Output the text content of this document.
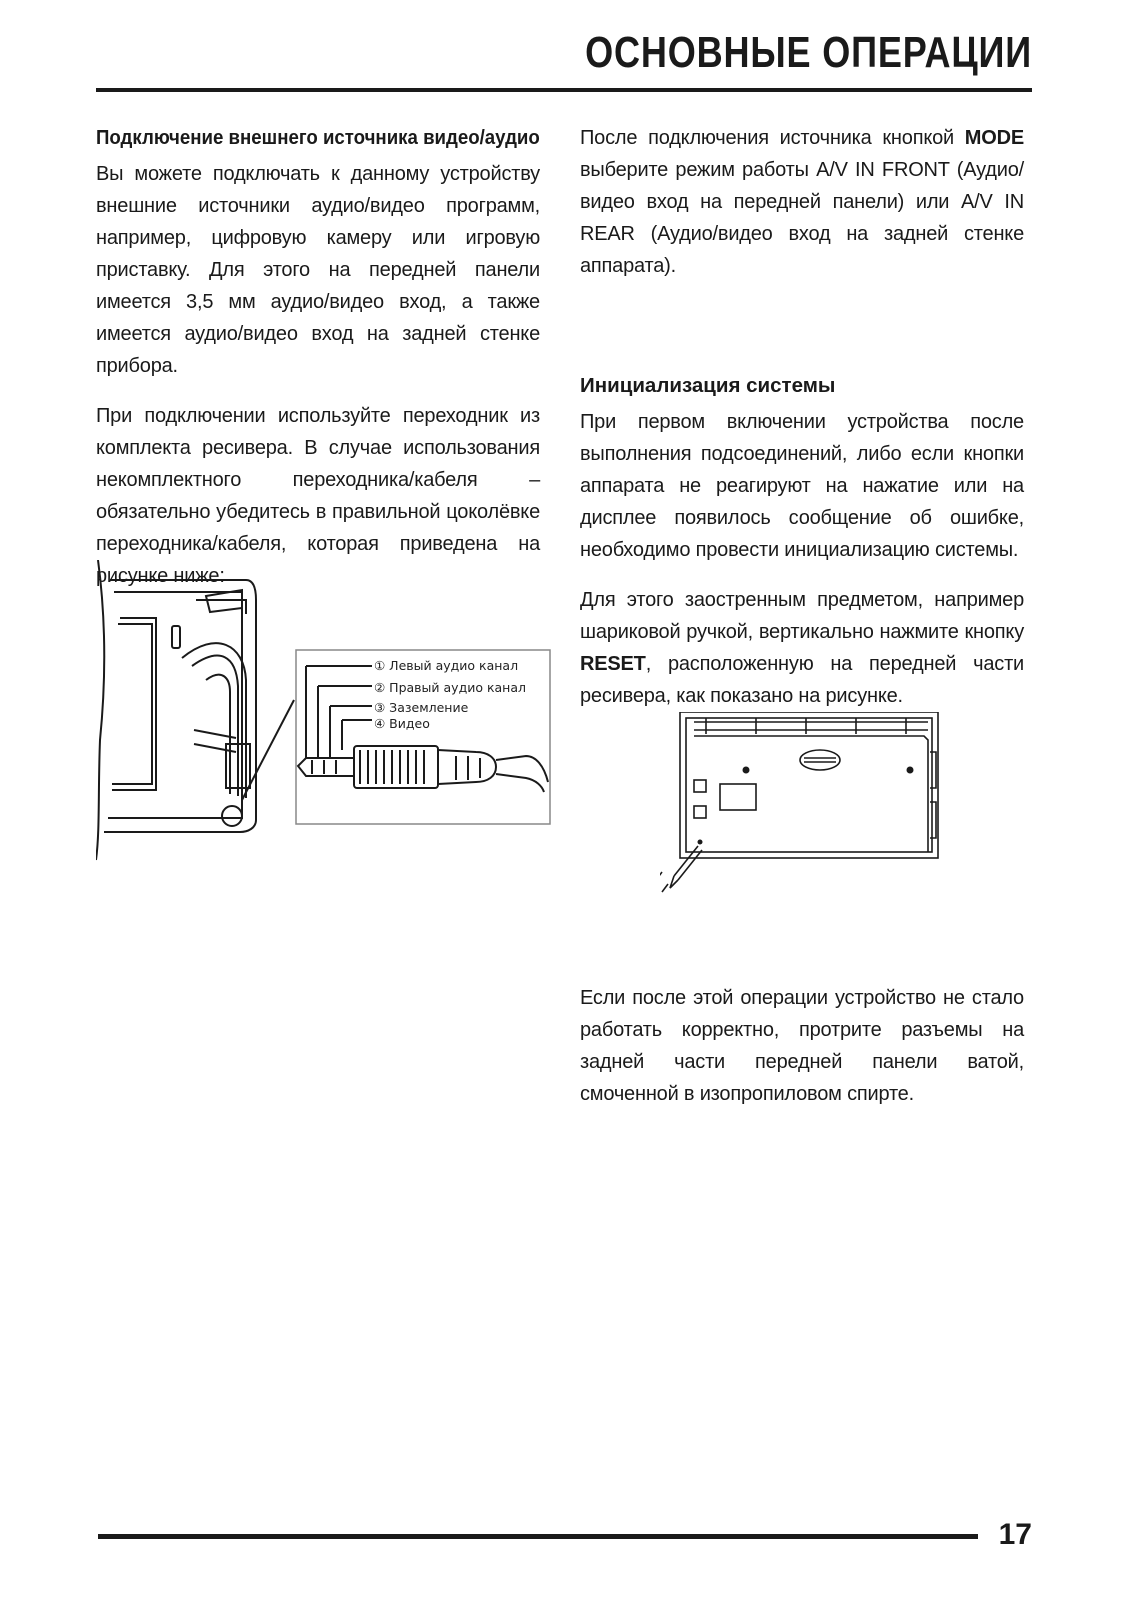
ОСНОВНЫЕ ОПЕРАЦИИ
Подключение внешнего источника видео/аудио

Вы можете подключать к данному устройству внешние источники аудио/видео программ, например, цифровую камеру или игровую приставку. Для этого на передней панели имеется 3,5 мм аудио/видео вход, а также имеется аудио/видео вход на задней стенке прибора.

При подключении используйте переходник из комплекта ресивера. В случае использования некомплектного переходника/кабеля – обязательно убедитесь в правильной цоколёвке переходника/кабеля, которая приведена на рисунке ниже:

① Левый аудио канал
② Правый аудио канал
③ Заземление
④ Видео

После подключения источника кнопкой MODE выберите режим работы A/V IN FRONT (Аудио/видео вход на передней панели) или A/V IN REAR (Аудио/видео вход на задней стенке аппарата).

Инициализация системы

При первом включении устройства после выполнения подсоединений, либо если кнопки аппарата не реагируют на нажатие или на дисплее появилось сообщение об ошибке, необходимо провести инициализацию системы.

Для этого заостренным предметом, например шариковой ручкой, вертикально нажмите кнопку RESET, расположенную на передней части ресивера, как показано на рисунке.

Если после этой операции устройство не стало работать корректно, протрите разъемы на задней части передней панели ватой, смоченной в изопропиловом спирте.

17
